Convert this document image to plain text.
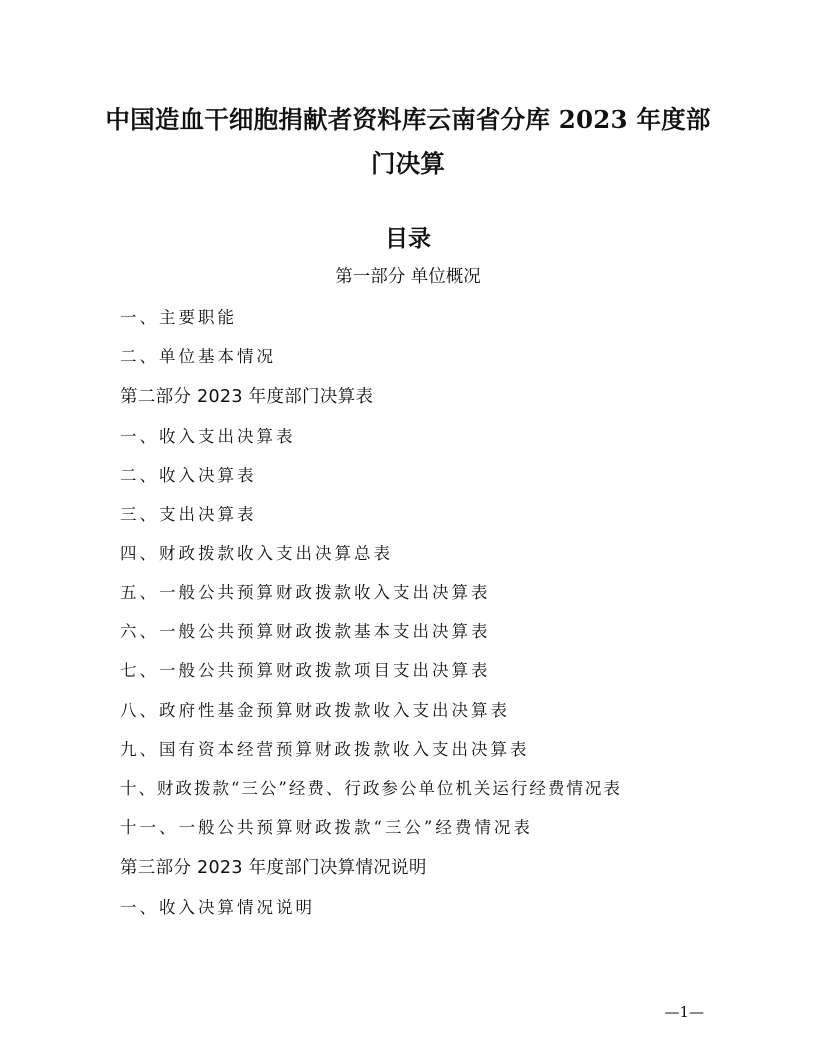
中国造血干细胞捐献者资料库云南省分库 2023 年度部
门决算
目录
第一部分 单位概况
一、主要职能
二、单位基本情况
第二部分 2023 年度部门决算表
一、收入支出决算表
二、收入决算表
三、支出决算表
四、财政拨款收入支出决算总表
五、一般公共预算财政拨款收入支出决算表
六、一般公共预算财政拨款基本支出决算表
七、一般公共预算财政拨款项目支出决算表
八、政府性基金预算财政拨款收入支出决算表
九、国有资本经营预算财政拨款收入支出决算表
十、财政拨款“三公”经费、行政参公单位机关运行经费情况表
十一、一般公共预算财政拨款“三公”经费情况表
第三部分 2023 年度部门决算情况说明
一、收入决算情况说明
—1—
